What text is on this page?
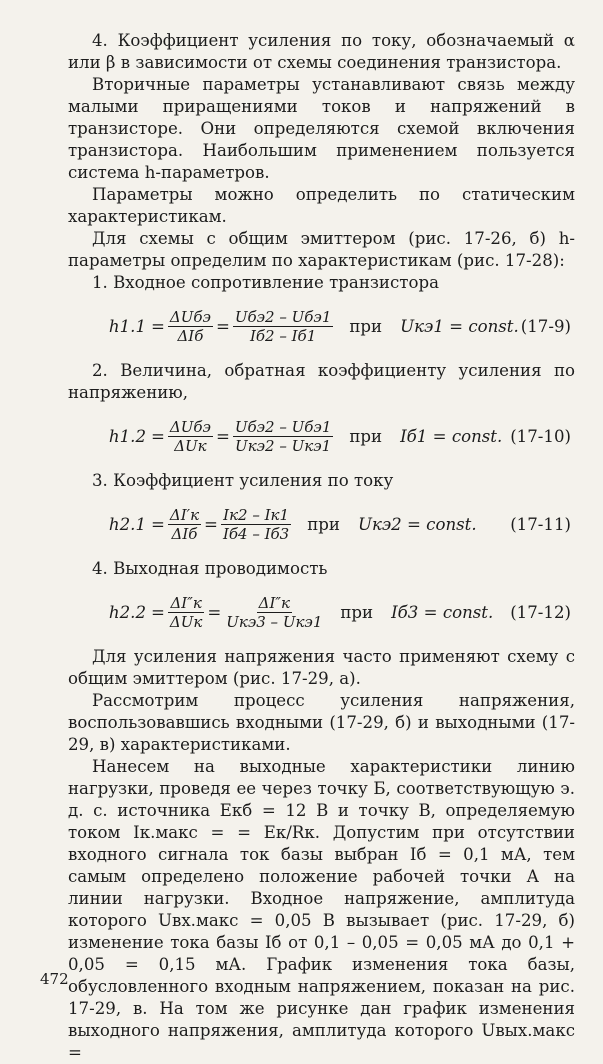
4. Коэффициент усиления по току, обозначаемый α или β в зависимости от схемы соединения транзистора.

Вторичные параметры устанавливают связь между малыми приращениями токов и напряжений в транзисторе. Они определяются схемой включения транзистора. Наибольшим применением пользуется система h-параметров.

Параметры можно определить по статическим характеристикам.

Для схемы с общим эмиттером (рис. 17-26, б) h-параметры определим по характеристикам (рис. 17-28):

1. Входное сопротивление транзистора

$h1.1 = \frac{\text{ΔUбэ}}{\text{ΔIб}} = \frac{\text{Uбэ2 – Uбэ1}}{Iб2 - Iб1}$ при	Uкэ1 = const. (17-9)

2. Величина, обратная коэффициенту усиления по напряжению,

$h1.2 = \frac{\text{ΔUбэ}}{\text{ΔUк}} = \frac{\text{Uбэ2 – Uбэ1}}{\text{Uкэ2 – Uкэ1}}$ при	Iб1 = const. (17-10)

3. Коэффициент усиления по току

$h2.1 = \frac{\Delta I'к}{\text{ΔIб}} = \frac{Iк2 - Iк1}{Iб4 - Iб3}$ при	Uкэ2 = const. (17-11)

4. Выходная проводимость

$h2.2 = \frac{\Delta I''к}{\text{ΔUк}} = \frac{\Delta I''к}{\text{Uкэ3 – Uкэ1}}$ при	Iб3 = const. (17-12)

Для усиления напряжения часто применяют схему с общим эмиттером (рис. 17-29, а).

Рассмотрим процесс усиления напряжения, воспользовавшись входными (17-29, б) и выходными (17-29, в) характеристиками.

Нанесем на выходные характеристики линию нагрузки, проведя ее через точку Б, соответствующую э. д. с. источника Eкб = 12 В и точку В, определяемую током Iк.макс = = Eк/Rк. Допустим при отсутствии входного сигнала ток базы выбран Iб = 0,1 мА, тем самым определено положение рабочей точки А на линии нагрузки. Входное напряжение, амплитуда которого Uвх.макс = 0,05 В вызывает (рис. 17-29, б) изменение тока базы Iб от 0,1 – 0,05 = 0,05 мА до 0,1 + 0,05 = 0,15 мА. График изменения тока базы, обусловленного входным напряжением, показан на рис. 17-29, в. На том же рисунке дан график изменения выходного напряжения, амплитуда которого Uвых.макс =

472
